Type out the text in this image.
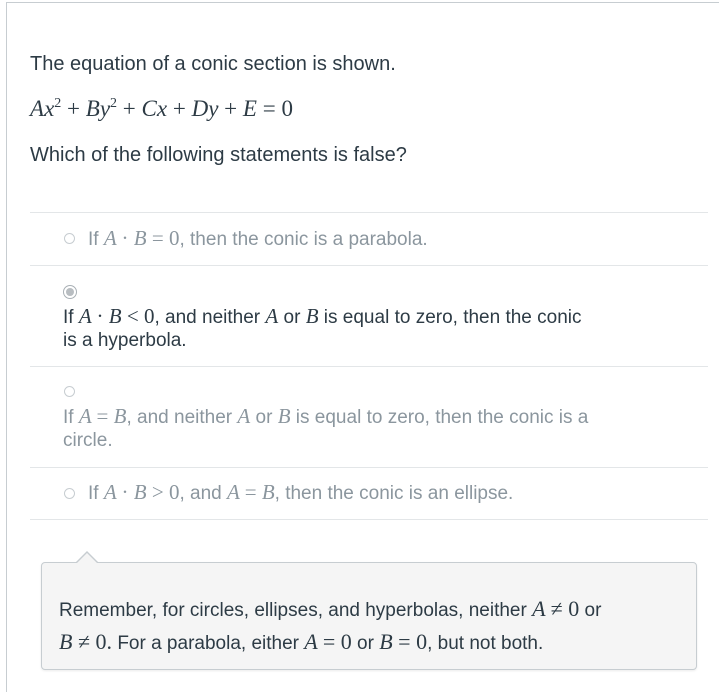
The equation of a conic section is shown.
$Ax^2 + By^2 + Cx + Dy + E = 0$
Which of the following statements is false?
If A · B = 0, then the conic is a parabola.
If A · B < 0, and neither A or B is equal to zero, then the conic
is a hyperbola.
If A = B, and neither A or B is equal to zero, then the conic is a
circle.
If A · B > 0, and A = B, then the conic is an ellipse.
Remember, for circles, ellipses, and hyperbolas, neither A ≠ 0 or
B ≠ 0. For a parabola, either A = 0 or B = 0, but not both.
